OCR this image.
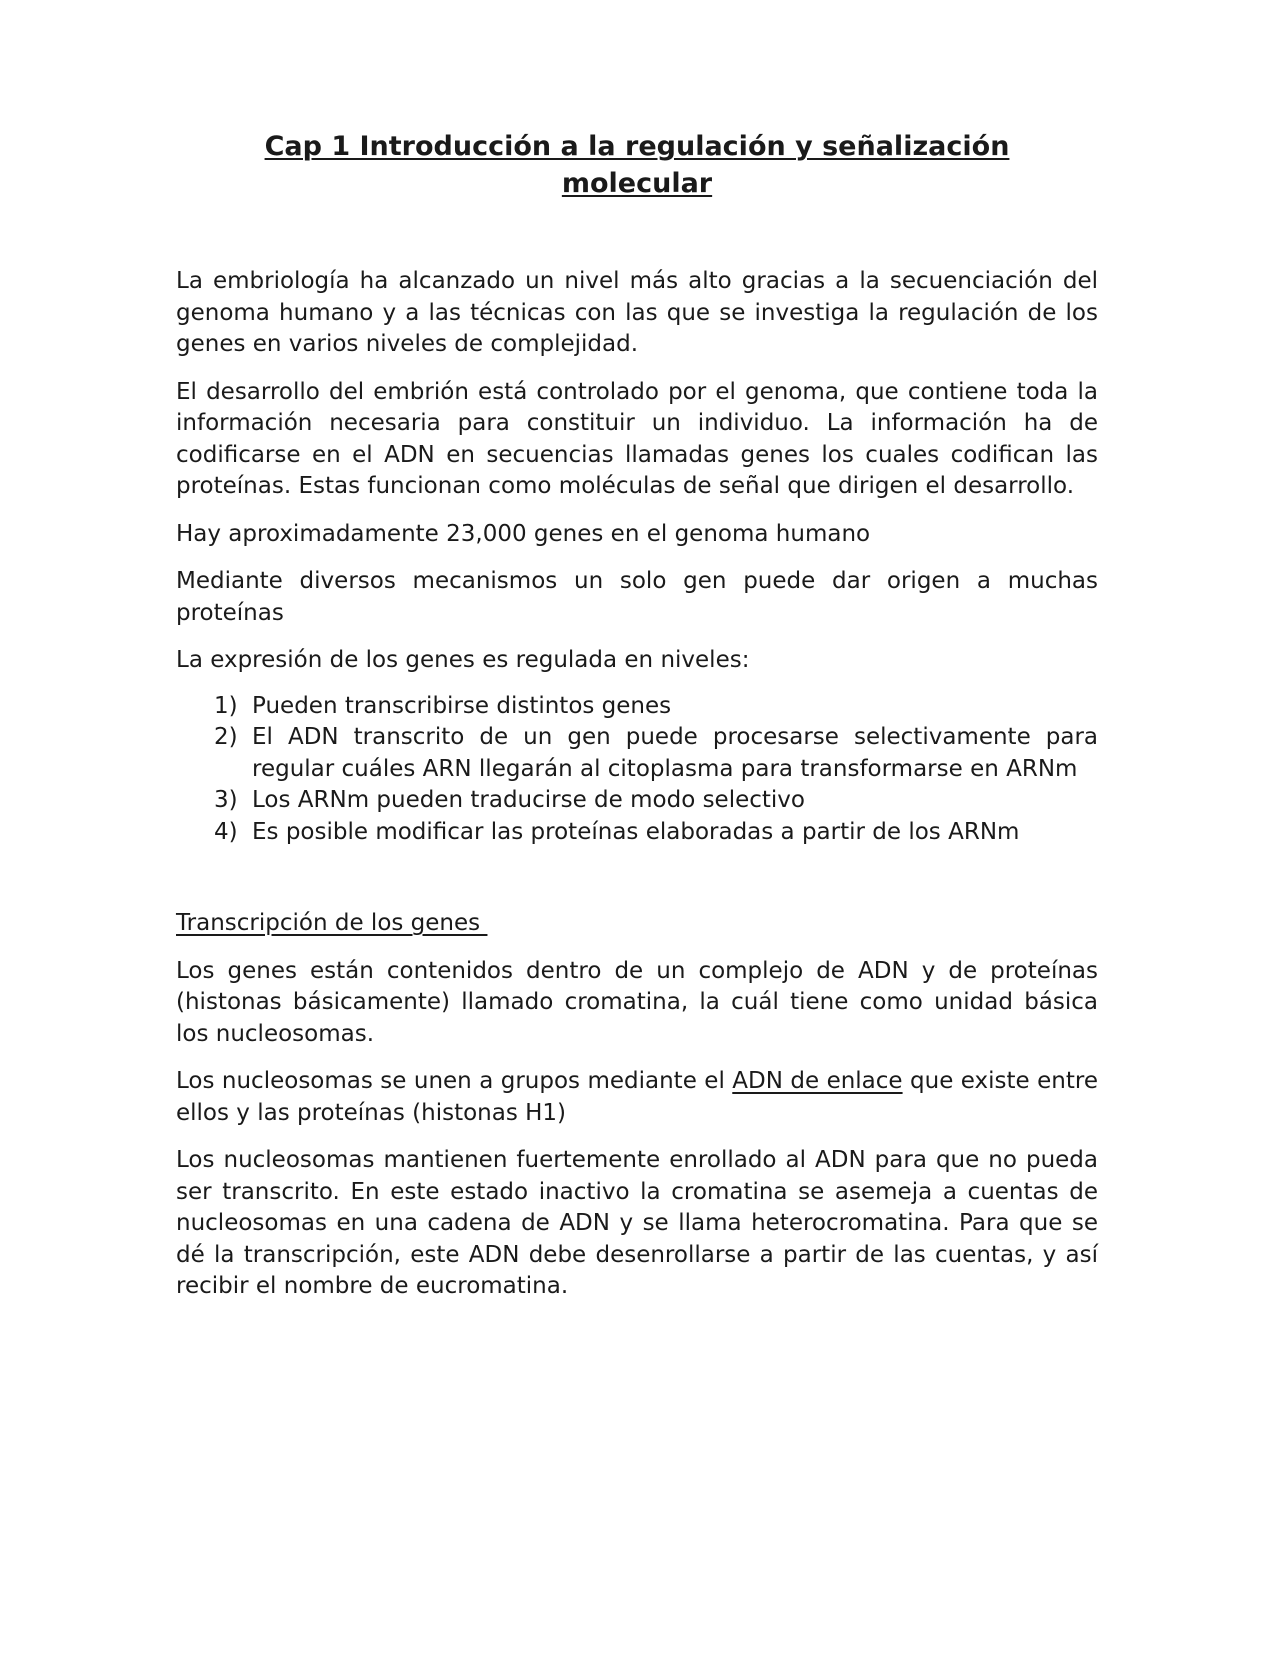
Cap 1 Introducción a la regulación y señalización
molecular

La embriología ha alcanzado un nivel más alto gracias a la secuenciación del genoma humano y a las técnicas con las que se investiga la regulación de los genes en varios niveles de complejidad.

El desarrollo del embrión está controlado por el genoma, que contiene toda la información necesaria para constituir un individuo. La información ha de codificarse en el ADN en secuencias llamadas genes los cuales codifican las proteínas. Estas funcionan como moléculas de señal que dirigen el desarrollo.

Hay aproximadamente 23,000 genes en el genoma humano

Mediante diversos mecanismos un solo gen puede dar origen a muchas proteínas

La expresión de los genes es regulada en niveles:

1) Pueden transcribirse distintos genes
2) El ADN transcrito de un gen puede procesarse selectivamente para regular cuáles ARN llegarán al citoplasma para transformarse en ARNm
3) Los ARNm pueden traducirse de modo selectivo
4) Es posible modificar las proteínas elaboradas a partir de los ARNm
Transcripción de los genes

Los genes están contenidos dentro de un complejo de ADN y de proteínas (histonas básicamente) llamado cromatina, la cuál tiene como unidad básica los nucleosomas.

Los nucleosomas se unen a grupos mediante el ADN de enlace que existe entre ellos y las proteínas (histonas H1)

Los nucleosomas mantienen fuertemente enrollado al ADN para que no pueda ser transcrito. En este estado inactivo la cromatina se asemeja a cuentas de nucleosomas en una cadena de ADN y se llama heterocromatina. Para que se dé la transcripción, este ADN debe desenrollarse a partir de las cuentas, y así recibir el nombre de eucromatina.
